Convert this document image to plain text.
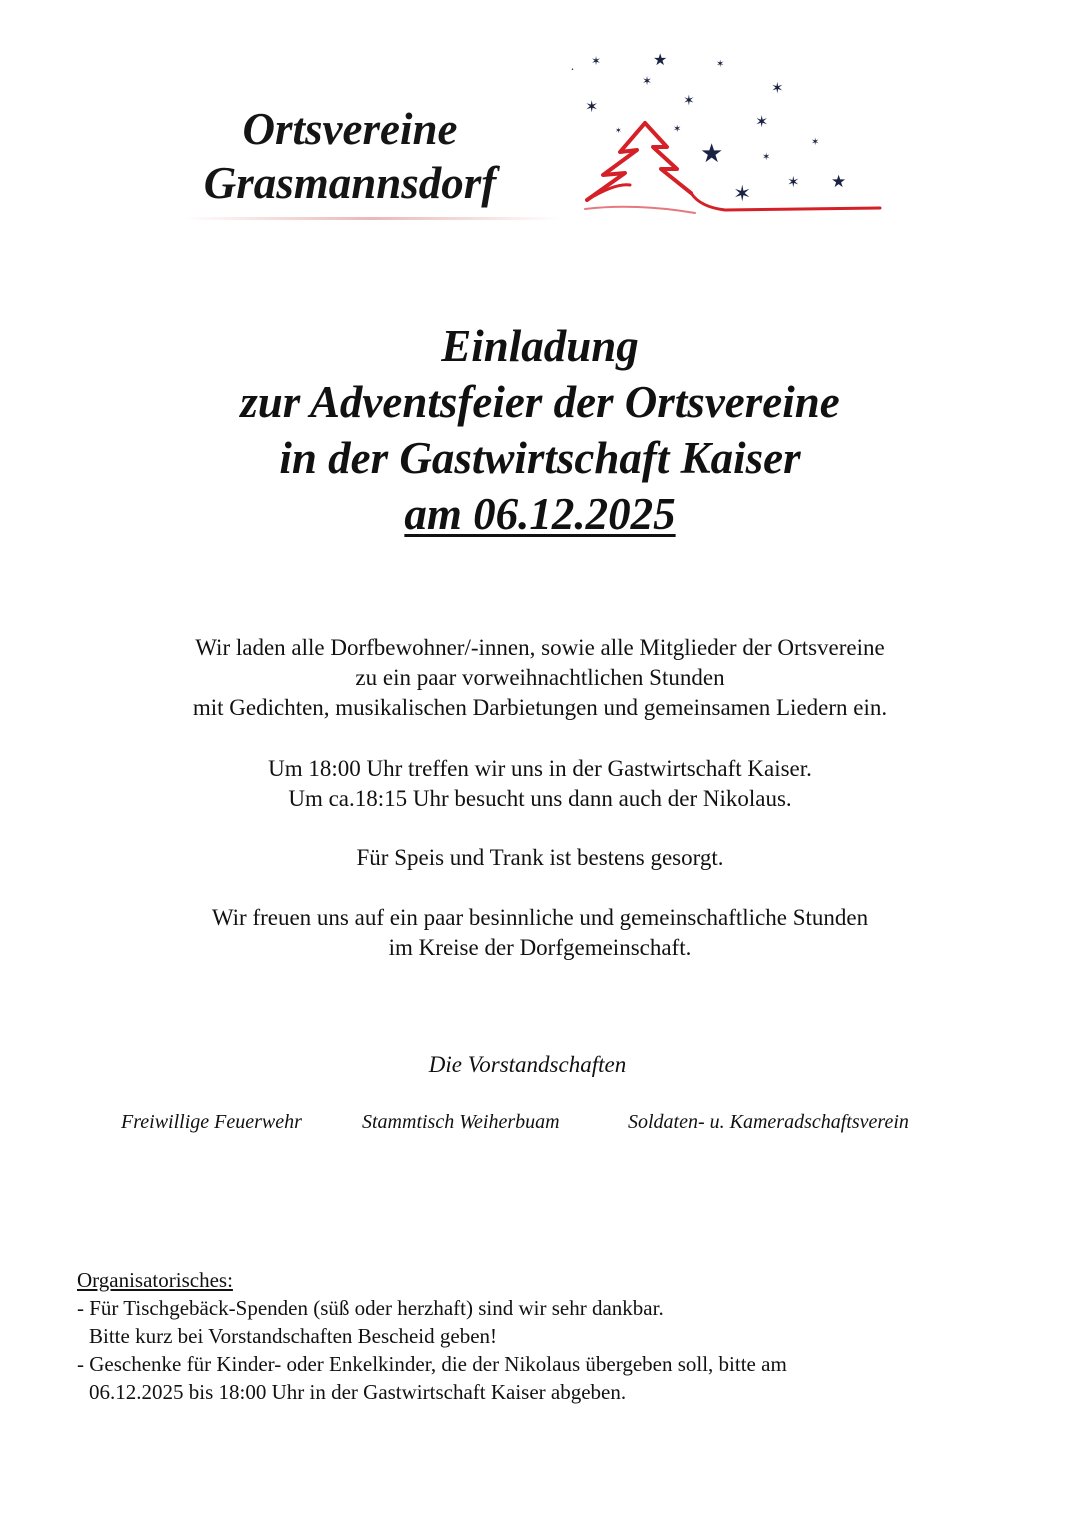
Ortsvereine
Grasmannsdorf
★
✶
✶
✶
✶
✶
✶
✶
✶
✶
★	✶
✶ ✶ ★
✶
•
Einladung
zur Adventsfeier der Ortsvereine
in der Gastwirtschaft Kaiser
am 06.12.2025
Wir laden alle Dorfbewohner/-innen, sowie alle Mitglieder der Ortsvereine
zu ein paar vorweihnachtlichen Stunden
mit Gedichten, musikalischen Darbietungen und gemeinsamen Liedern ein.
Um 18:00 Uhr treffen wir uns in der Gastwirtschaft Kaiser.
Um ca.18:15 Uhr besucht uns dann auch der Nikolaus.
Für Speis und Trank ist bestens gesorgt.
Wir freuen uns auf ein paar besinnliche und gemeinschaftliche Stunden
im Kreise der Dorfgemeinschaft.
Die Vorstandschaften
Freiwillige Feuerwehr	Stammtisch Weiherbuam	Soldaten- u. Kameradschaftsverein
Organisatorisches:
- Für Tischgebäck-Spenden (süß oder herzhaft) sind wir sehr dankbar.
Bitte kurz bei Vorstandschaften Bescheid geben!
- Geschenke für Kinder- oder Enkelkinder, die der Nikolaus übergeben soll, bitte am
06.12.2025 bis 18:00 Uhr in der Gastwirtschaft Kaiser abgeben.
